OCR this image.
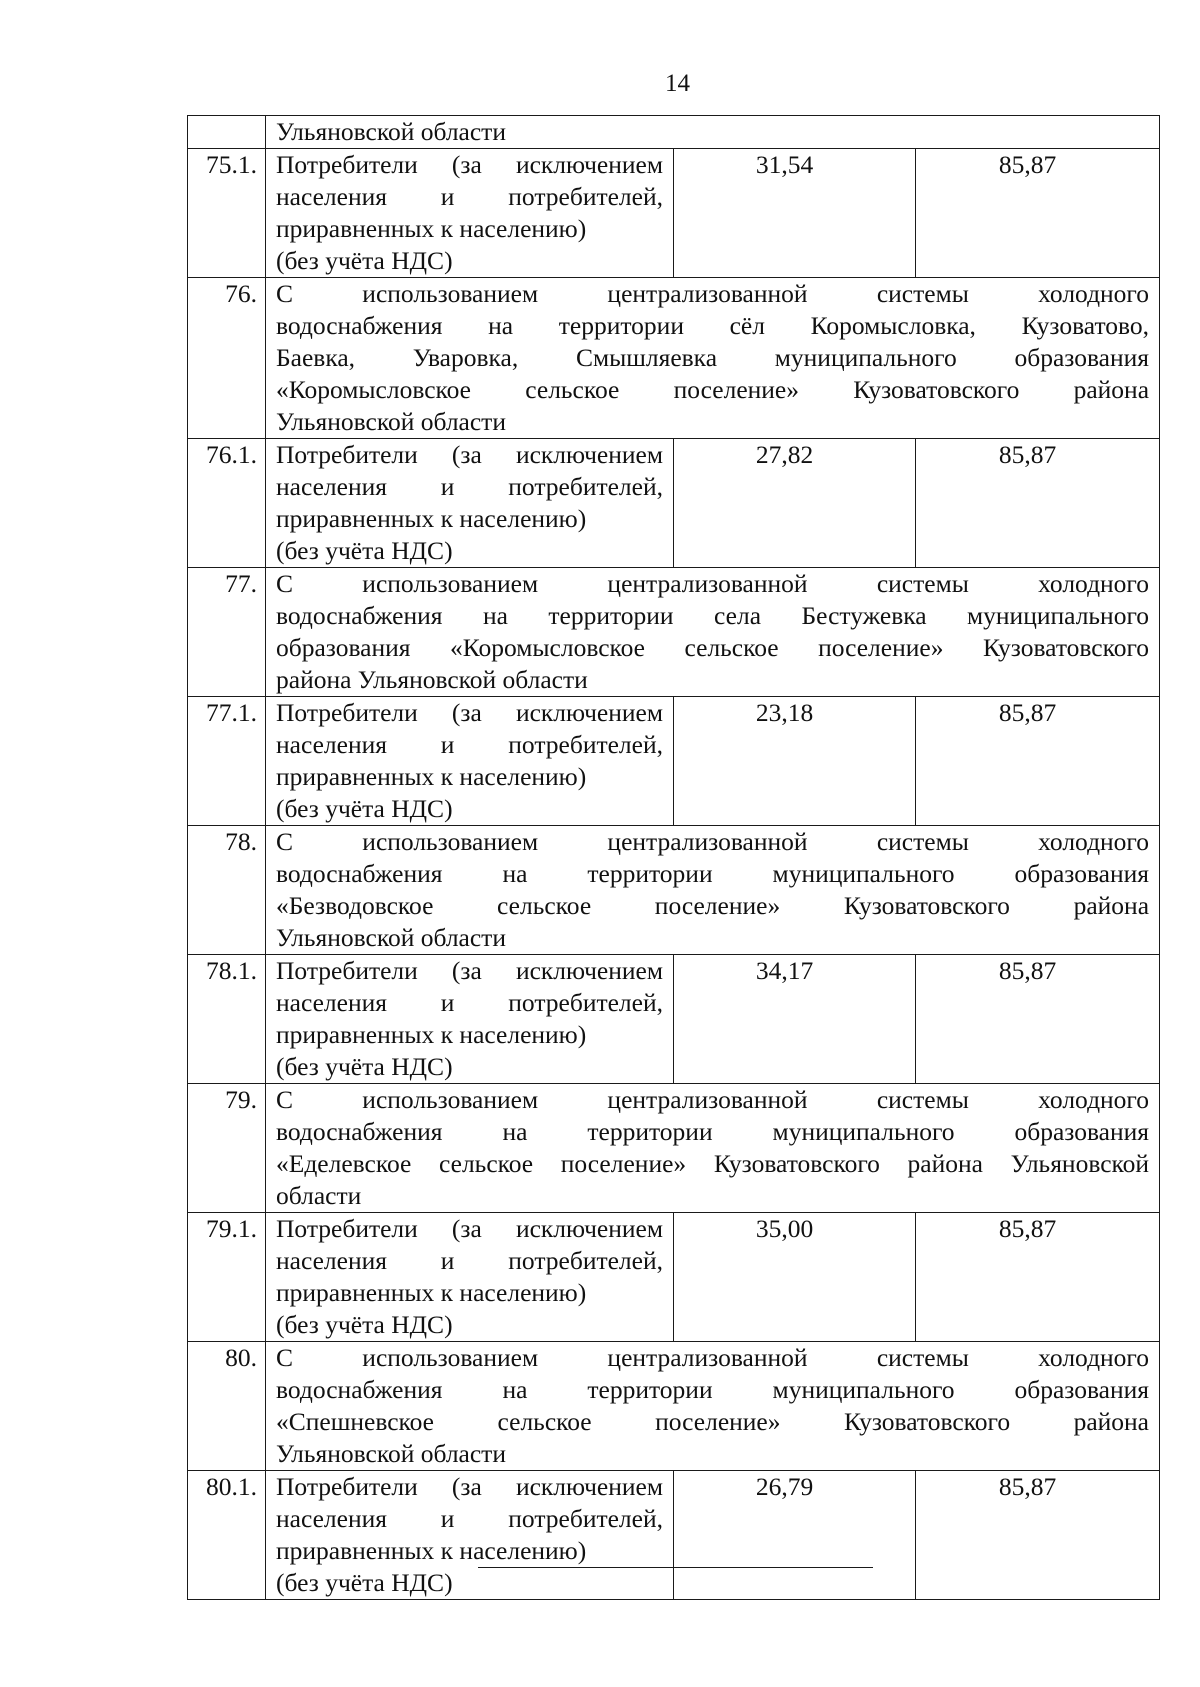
14
	Ульяновской области		
75.1.	Потребители (за исключением
населения и потребителей,
приравненных к населению)
(без учёта НДС)	31,54	85,87
76.	С использованием централизованной системы холодного
водоснабжения на территории сёл Коромысловка, Кузоватово,
Баевка, Уваровка, Смышляевка муниципального образования
«Коромысловское сельское поселение» Кузоватовского района
Ульяновской области		

76.1.	Потребители (за исключением
населения и потребителей,
приравненных к населению)
(без учёта НДС)	27,82	85,87
77.	С использованием централизованной системы холодного
водоснабжения на территории села Бестужевка муниципального
образования «Коромысловское сельское поселение» Кузоватовского
района Ульяновской области		

77.1.	Потребители (за исключением
населения и потребителей,
приравненных к населению)
(без учёта НДС)	23,18	85,87
78.	С использованием централизованной системы холодного
водоснабжения на территории муниципального образования
«Безводовское сельское поселение» Кузоватовского района
Ульяновской области		

78.1.	Потребители (за исключением
населения и потребителей,
приравненных к населению)
(без учёта НДС)	34,17	85,87
79.	С использованием централизованной системы холодного
водоснабжения на территории муниципального образования
«Еделевское сельское поселение» Кузоватовского района Ульяновской
области		

79.1.	Потребители (за исключением
населения и потребителей,
приравненных к населению)
(без учёта НДС)	35,00	85,87
80.	С использованием централизованной системы холодного
водоснабжения на территории муниципального образования
«Спешневское сельское поселение» Кузоватовского района
Ульяновской области		

80.1.	Потребители (за исключением
населения и потребителей,
приравненных к населению)
(без учёта НДС)	26,79	85,87
